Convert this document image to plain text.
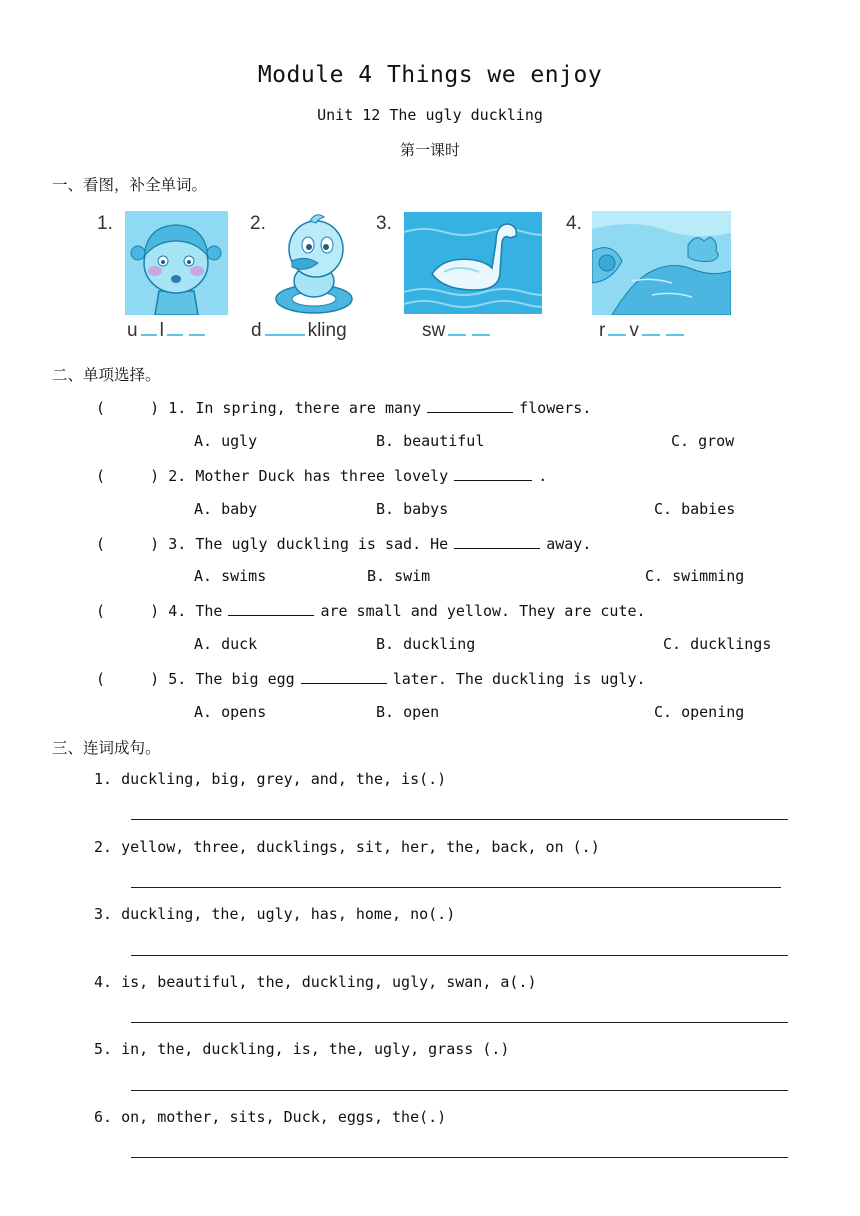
Module 4 Things we enjoy
Unit 12 The ugly duckling
第一课时
一、看图，补全单词。
1.
u l
2.
d kling
3.
sw
4.
r v
二、单项选择。
(     ) 1. In spring, there are many	flowers.
A. ugly	B. beautiful	C. grow
(     ) 2. Mother Duck has three lovely	.
A. baby	B. babys	C. babies
(     ) 3. The ugly duckling is sad. He	away.
A. swims	B. swim	C. swimming
(     ) 4. The	are small and yellow. They are cute.
A. duck	B. duckling	C. ducklings
(     ) 5. The big egg	later. The duckling is ugly.
A. opens	B. open	C. opening
三、连词成句。
1. duckling, big, grey, and, the, is(.)
2. yellow, three, ducklings, sit, her, the, back, on (.)
3. duckling, the, ugly, has, home, no(.)
4. is, beautiful, the, duckling, ugly, swan, a(.)
5. in, the, duckling, is, the, ugly, grass (.)
6. on, mother, sits, Duck, eggs, the(.)
